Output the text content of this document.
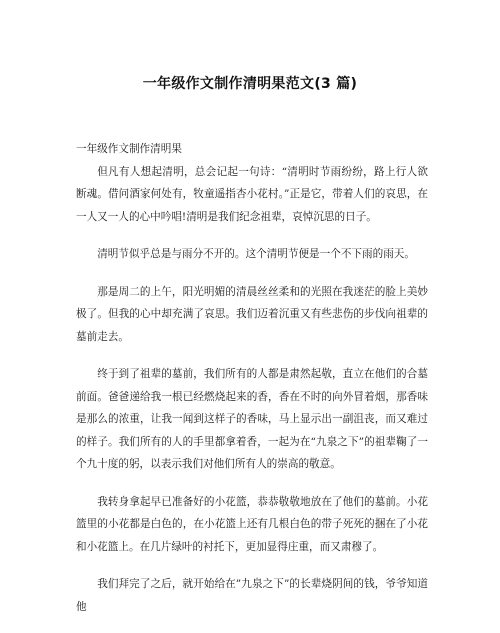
一年级作文制作清明果范文(3 篇)
一年级作文制作清明果

但凡有人想起清明，总会记起一句诗：“清明时节雨纷纷，路上行人欲断魂。借问酒家何处有，牧童遥指杏小花村。”正是它，带着人们的哀思，在一人又一人的心中吟唱!清明是我们纪念祖辈，哀悼沉思的日子。

清明节似乎总是与雨分不开的。这个清明节便是一个不下雨的雨天。

那是周二的上午，阳光明媚的清晨丝丝柔和的光照在我迷茫的脸上美妙极了。但我的心中却充满了哀思。我们迈着沉重又有些悲伤的步伐向祖辈的墓前走去。

终于到了祖辈的墓前，我们所有的人都是肃然起敬，直立在他们的合墓前面。爸爸递给我一根已经燃烧起来的香，香在不时的向外冒着烟，那香味是那么的浓重，让我一闻到这样子的香味，马上显示出一副沮丧，而又难过的样子。我们所有的人的手里都拿着香，一起为在“九泉之下”的祖辈鞠了一个九十度的躬，以表示我们对他们所有人的崇高的敬意。

我转身拿起早已准备好的小花篮，恭恭敬敬地放在了他们的墓前。小花篮里的小花都是白色的，在小花篮上还有几根白色的带子死死的捆在了小花和小花篮上。在几片绿叶的衬托下，更加显得庄重，而又肃穆了。

我们拜完了之后，就开始给在”九泉之下”的长辈烧阴间的钱，爷爷知道他
